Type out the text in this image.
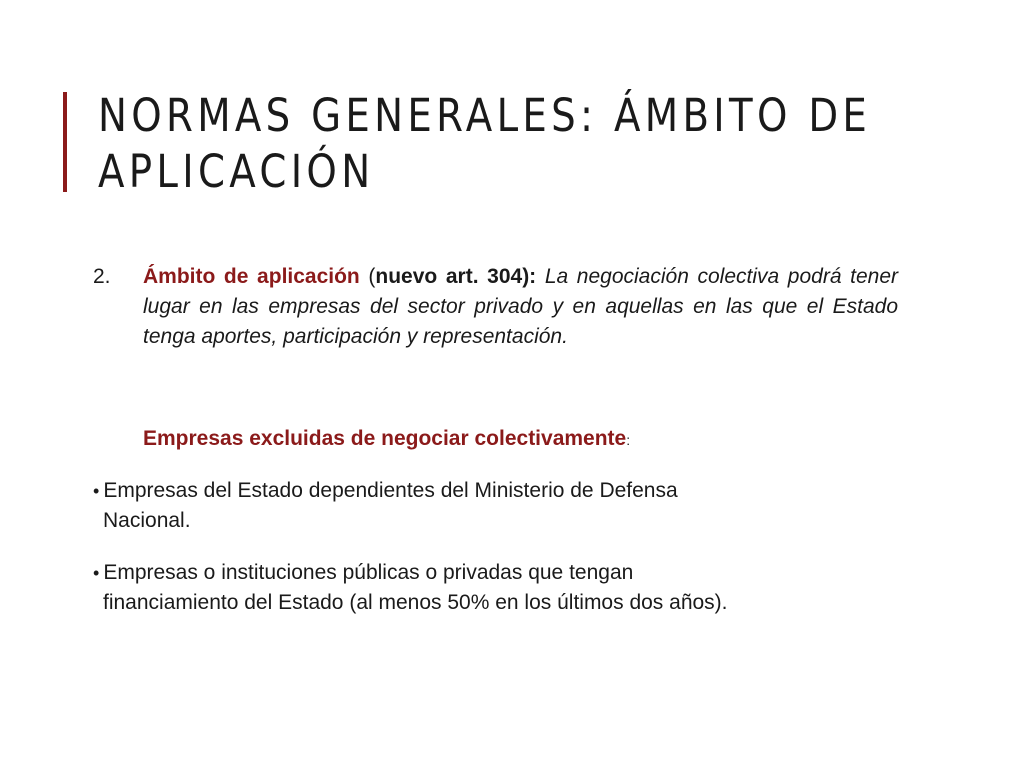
NORMAS GENERALES: ÁMBITO DE
APLICACIÓN
2. Ámbito de aplicación (nuevo art. 304): La negociación colectiva podrá tener lugar en las empresas del sector privado y en aquellas en las que el Estado tenga aportes, participación y representación.
Empresas excluidas de negociar colectivamente:
• Empresas del Estado dependientes del Ministerio de Defensa
Nacional.
• Empresas o instituciones públicas o privadas que tengan
financiamiento del Estado (al menos 50% en los últimos dos años).
